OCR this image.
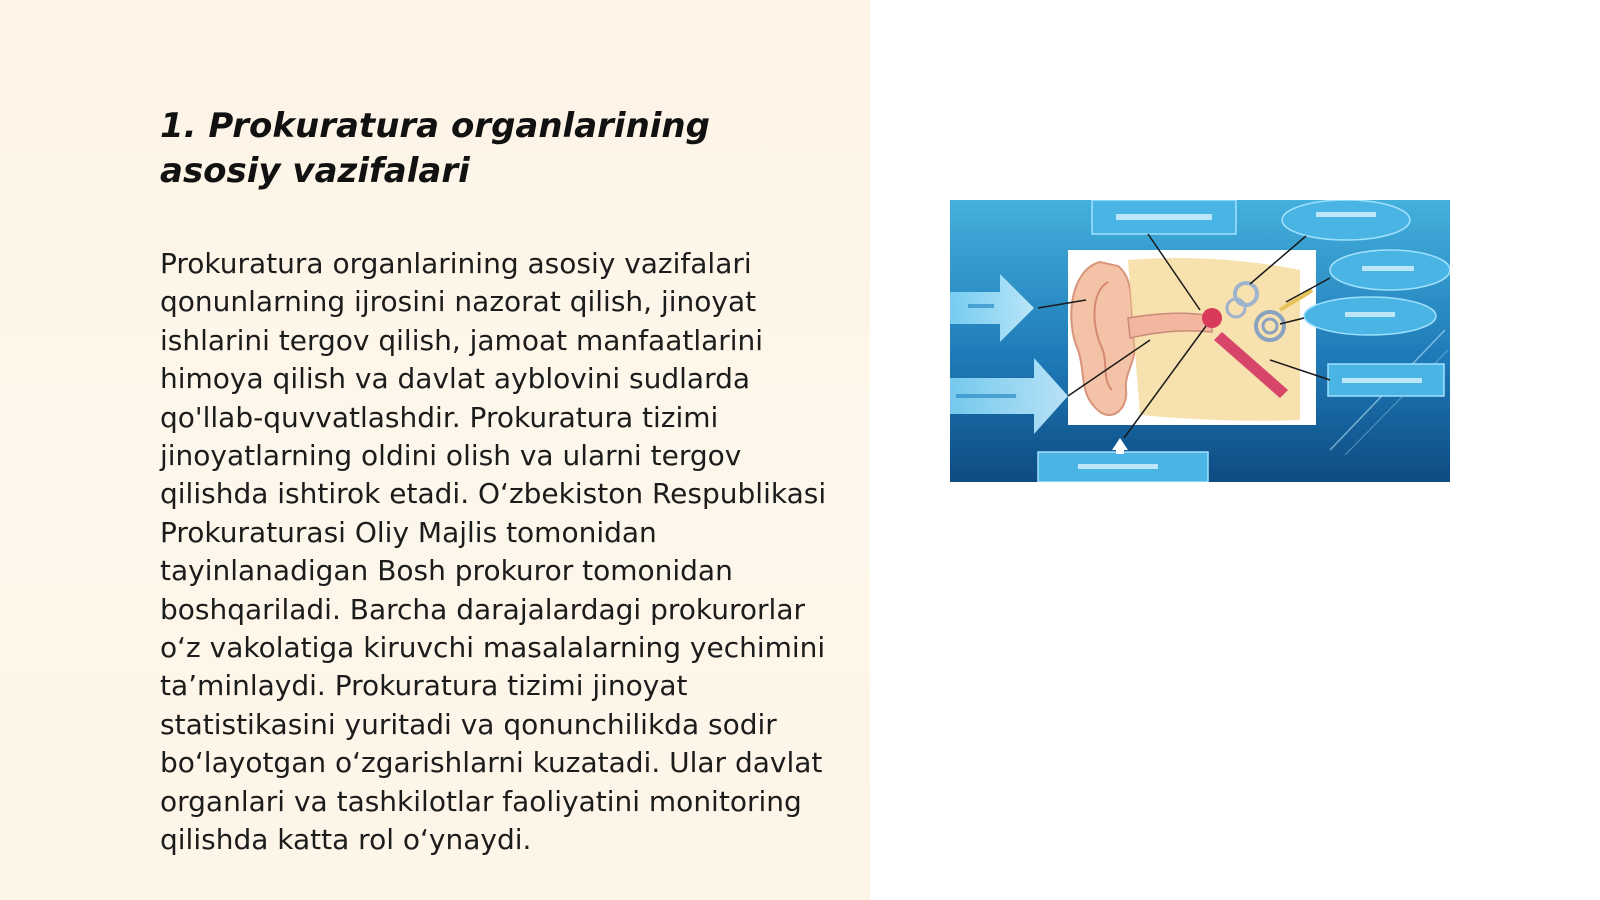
1. Prokuratura organlarining asosiy vazifalari

Prokuratura organlarining asosiy vazifalari qonunlarning ijrosini nazorat qilish, jinoyat ishlarini tergov qilish, jamoat manfaatlarini himoya qilish va davlat ayblovini sudlarda qo'llab-quvvatlashdir. Prokuratura tizimi jinoyatlarning oldini olish va ularni tergov qilishda ishtirok etadi. O‘zbekiston Respublikasi Prokuraturasi Oliy Majlis tomonidan tayinlanadigan Bosh prokuror tomonidan boshqariladi. Barcha darajalardagi prokurorlar o‘z vakolatiga kiruvchi masalalarning yechimini ta’minlaydi. Prokuratura tizimi jinoyat statistikasini yuritadi va qonunchilikda sodir bo‘layotgan o‘zgarishlarni kuzatadi. Ular davlat organlari va tashkilotlar faoliyatini monitoring qilishda katta rol o‘ynaydi.
